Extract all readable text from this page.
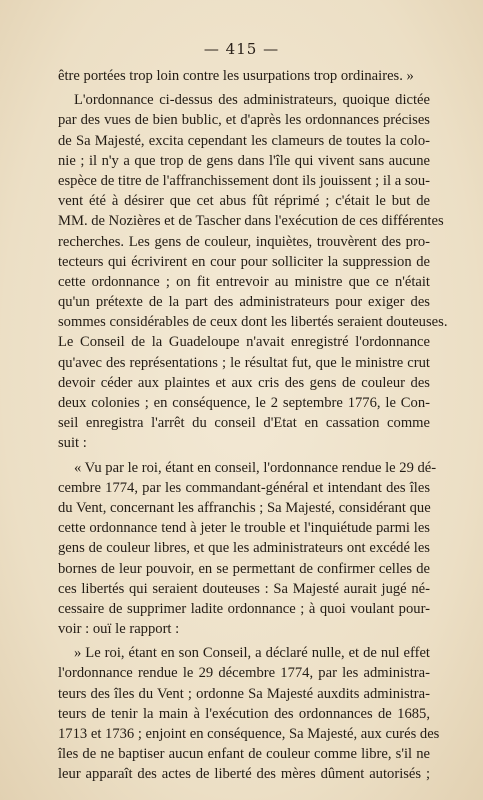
— 415 —
être portées trop loin contre les usurpations trop ordinaires. »
L'ordonnance ci-dessus des administrateurs, quoique dictée
par des vues de bien bublic, et d'après les ordonnances précises
de Sa Majesté, excita cependant les clameurs de toutes la colo-
nie ; il n'y a que trop de gens dans l'île qui vivent sans aucune
espèce de titre de l'affranchissement dont ils jouissent ; il a sou-
vent été à désirer que cet abus fût réprimé ; c'était le but de
MM. de Nozières et de Tascher dans l'exécution de ces différentes
recherches. Les gens de couleur, inquiètes, trouvèrent des pro-
tecteurs qui écrivirent en cour pour solliciter la suppression de
cette ordonnance ; on fit entrevoir au ministre que ce n'était
qu'un prétexte de la part des administrateurs pour exiger des
sommes considérables de ceux dont les libertés seraient douteuses.
Le Conseil de la Guadeloupe n'avait enregistré l'ordonnance
qu'avec des représentations ; le résultat fut, que le ministre crut
devoir céder aux plaintes et aux cris des gens de couleur des
deux colonies ; en conséquence, le 2 septembre 1776, le Con-
seil enregistra l'arrêt du conseil d'Etat en cassation comme
suit :
« Vu par le roi, étant en conseil, l'ordonnance rendue le 29 dé-
cembre 1774, par les commandant-général et intendant des îles
du Vent, concernant les affranchis ; Sa Majesté, considérant que
cette ordonnance tend à jeter le trouble et l'inquiétude parmi les
gens de couleur libres, et que les administrateurs ont excédé les
bornes de leur pouvoir, en se permettant de confirmer celles de
ces libertés qui seraient douteuses : Sa Majesté aurait jugé né-
cessaire de supprimer ladite ordonnance ; à quoi voulant pour-
voir : ouï le rapport :
» Le roi, étant en son Conseil, a déclaré nulle, et de nul effet
l'ordonnance rendue le 29 décembre 1774, par les administra-
teurs des îles du Vent ; ordonne Sa Majesté auxdits administra-
teurs de tenir la main à l'exécution des ordonnances de 1685,
1713 et 1736 ; enjoint en conséquence, Sa Majesté, aux curés des
îles de ne baptiser aucun enfant de couleur comme libre, s'il ne
leur apparaît des actes de liberté des mères dûment autorisés ;
